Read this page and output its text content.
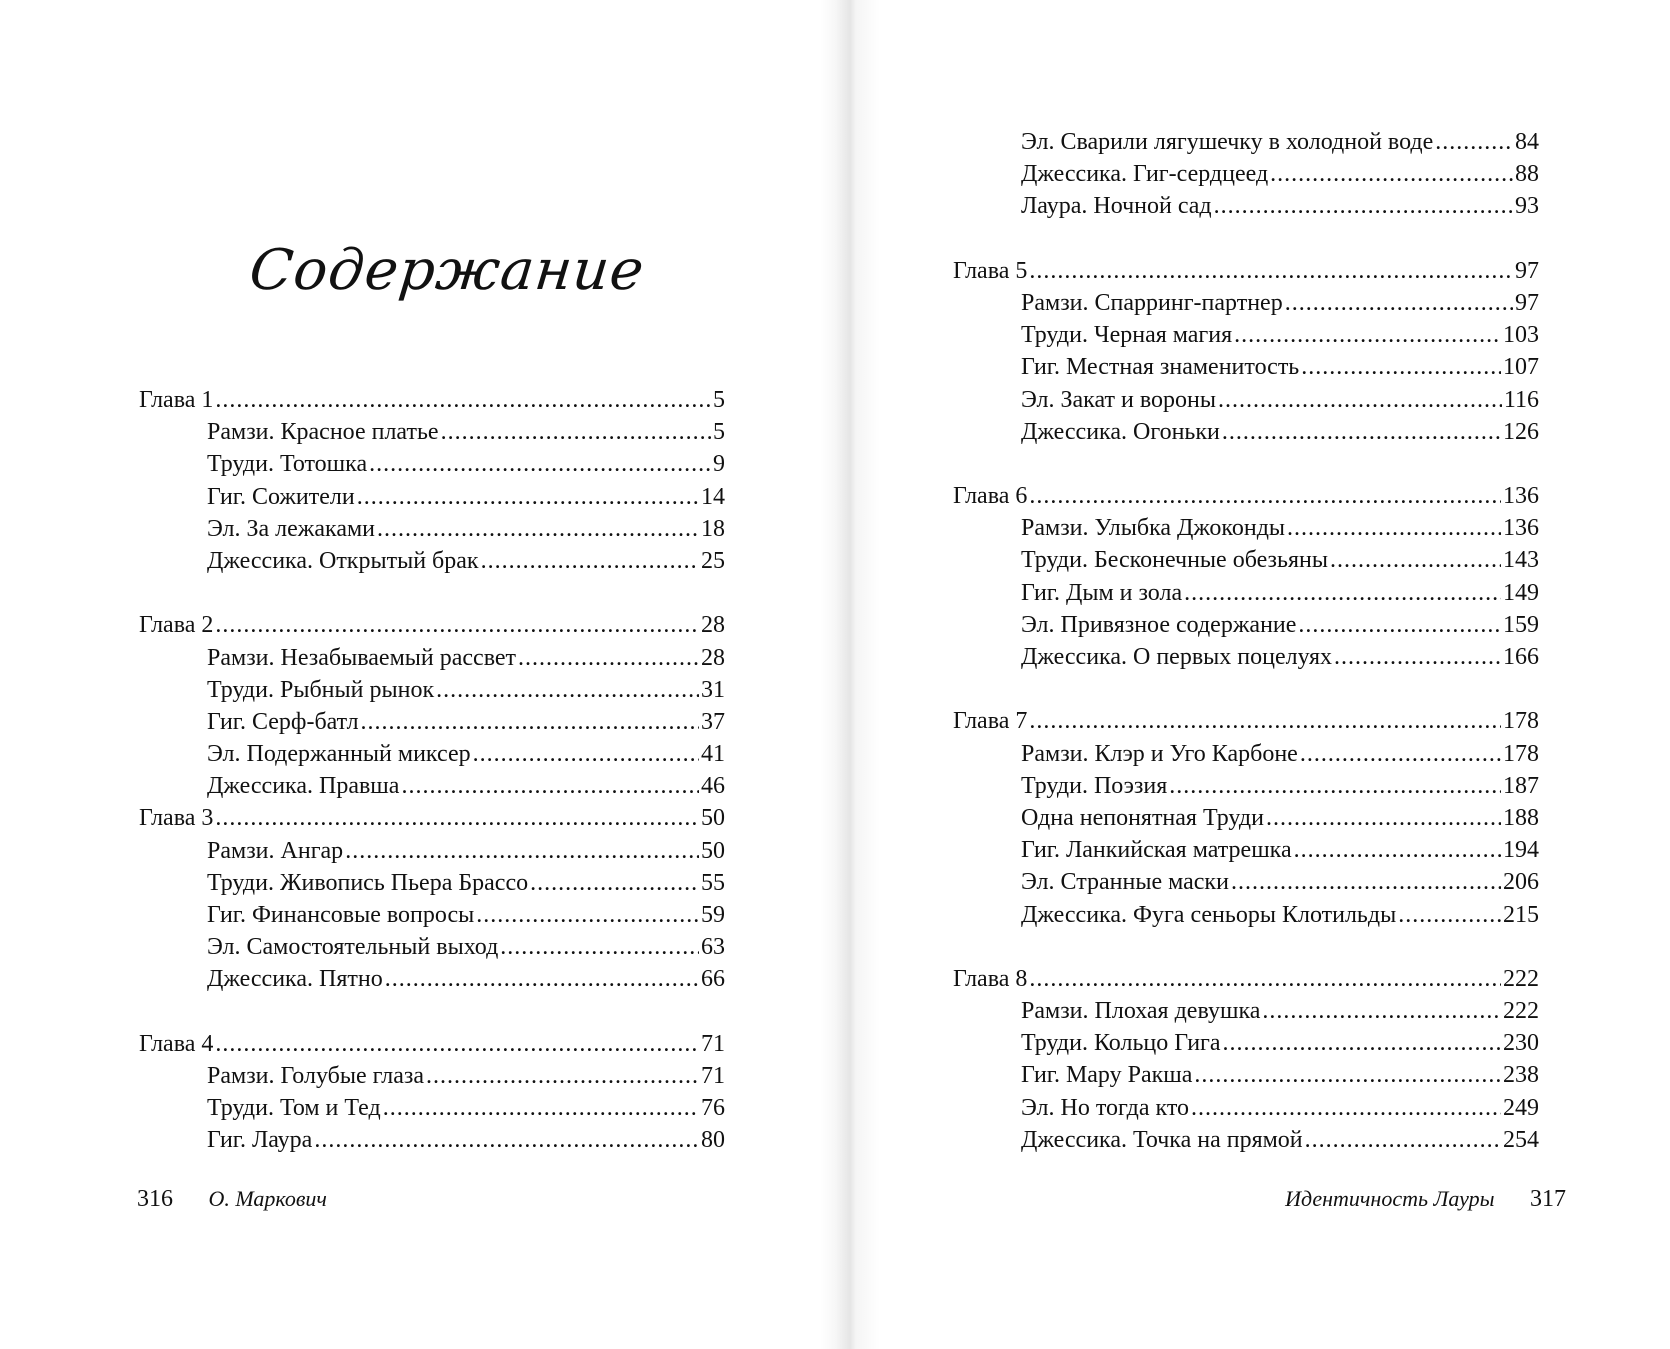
Содержание
Глава 1 .....	5
Рамзи. Красное платье .....	5
Труди. Тотошка .....	9
Гиг. Сожители .....	14
Эл. За лежаками .....	18
Джессика. Открытый брак .....	25
Глава 2 .....	28
Рамзи. Незабываемый рассвет .....	28
Труди. Рыбный рынок .....	31
Гиг. Серф-батл .....	37
Эл. Подержанный миксер .....	41
Джессика. Правша .....	46
Глава 3 .....	50
Рамзи. Ангар .....	50
Труди. Живопись Пьера Брассо .....	55
Гиг. Финансовые вопросы .....	59
Эл. Самостоятельный выход .....	63
Джессика. Пятно .....	66
Глава 4 .....	71
Рамзи. Голубые глаза .....	71
Труди. Том и Тед .....	76
Гиг. Лаура .....	80
316 О. Маркович
Эл. Сварили лягушечку в холодной воде .....	84
Джессика. Гиг-сердцеед .....	88
Лаура. Ночной сад .....	93
Глава 5 .....	97
Рамзи. Спарринг-партнер .....	97
Труди. Черная магия .....	103
Гиг. Местная знаменитость .....	107
Эл. Закат и вороны .....	116
Джессика. Огоньки .....	126
Глава 6 .....	136
Рамзи. Улыбка Джоконды .....	136
Труди. Бесконечные обезьяны .....	143
Гиг. Дым и зола .....	149
Эл. Привязное содержание .....	159
Джессика. О первых поцелуях .....	166
Глава 7 .....	178
Рамзи. Клэр и Уго Карбоне .....	178
Труди. Поэзия .....	187
Одна непонятная Труди .....	188
Гиг. Ланкийская матрешка .....	194
Эл. Странные маски .....	206
Джессика. Фуга сеньоры Клотильды .....	215
Глава 8 .....	222
Рамзи. Плохая девушка .....	222
Труди. Кольцо Гига .....	230
Гиг. Мару Ракша .....	238
Эл. Но тогда кто .....	249
Джессика. Точка на прямой .....	254
Идентичность Лауры 317
